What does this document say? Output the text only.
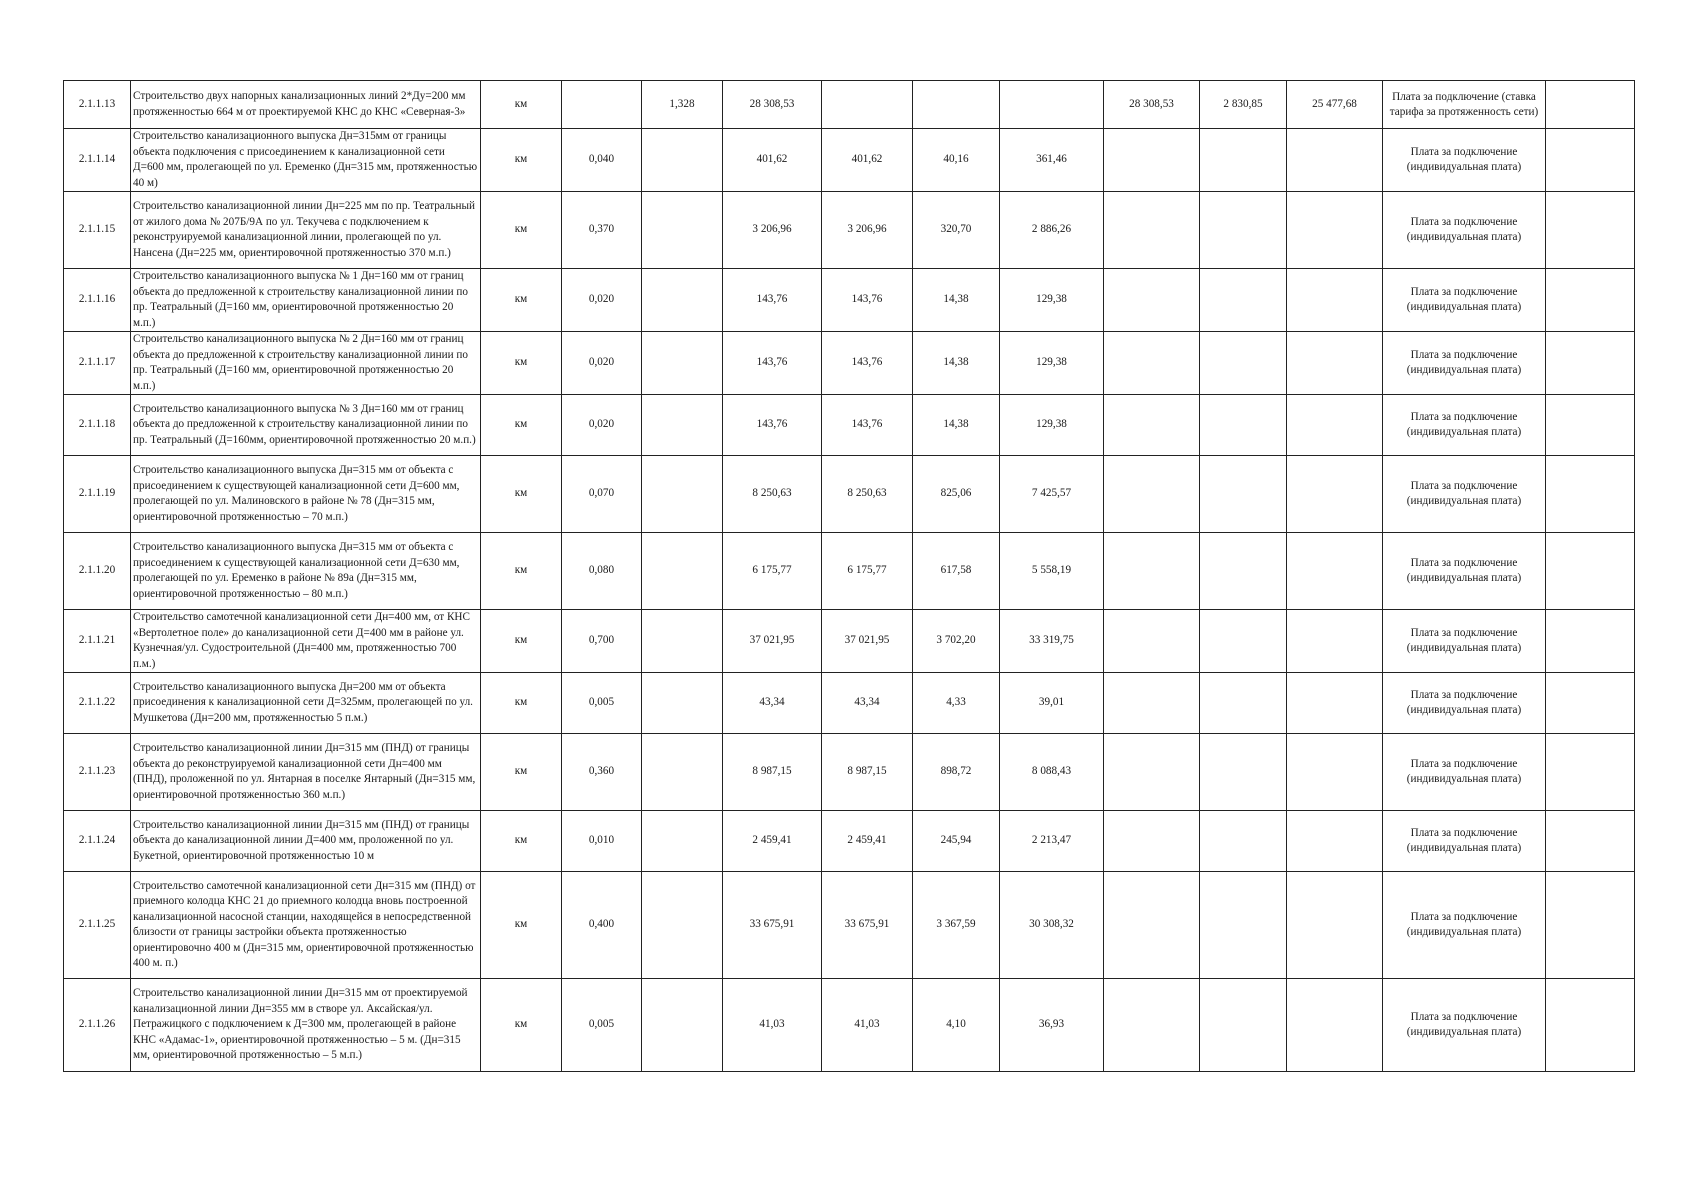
2.1.1.13	Строительство двух напорных канализационных линий 2*Ду=200 мм протяженностью 664 м от проектируемой КНС до КНС «Северная-3»	км		1,328	28 308,53				28 308,53	2 830,85	25 477,68	Плата за подключение (ставка тарифа за протяженность сети)	
2.1.1.14	Строительство канализационного выпуска Дн=315мм от границы объекта подключения с присоединением к канализационной сети Д=600 мм, пролегающей по ул. Еременко (Дн=315 мм, протяженностью 40 м)	км	0,040		401,62	401,62	40,16	361,46				Плата за подключение (индивидуальная плата)	
2.1.1.15	Строительство канализационной линии Дн=225 мм по пр. Театральный от жилого дома № 207Б/9А по ул. Текучева с подключением к реконструируемой канализационной линии, пролегающей по ул. Нансена (Дн=225 мм, ориентировочной протяженностью 370 м.п.)	км	0,370		3 206,96	3 206,96	320,70	2 886,26				Плата за подключение (индивидуальная плата)	
2.1.1.16	Строительство канализационного выпуска № 1 Дн=160 мм от границ объекта до предложенной к строительству канализационной линии по пр. Театральный (Д=160 мм, ориентировочной протяженностью 20 м.п.)	км	0,020		143,76	143,76	14,38	129,38				Плата за подключение (индивидуальная плата)	
2.1.1.17	Строительство канализационного выпуска № 2 Дн=160 мм от границ объекта до предложенной к строительству канализационной линии по пр. Театральный (Д=160 мм, ориентировочной протяженностью 20 м.п.)	км	0,020		143,76	143,76	14,38	129,38				Плата за подключение (индивидуальная плата)	
2.1.1.18	Строительство канализационного выпуска № 3 Дн=160 мм от границ объекта до предложенной к строительству канализационной линии по пр. Театральный (Д=160мм, ориентировочной протяженностью 20 м.п.)	км	0,020		143,76	143,76	14,38	129,38				Плата за подключение (индивидуальная плата)	
2.1.1.19	Строительство канализационного выпуска Дн=315 мм от объекта с присоединением к существующей канализационной сети Д=600 мм, пролегающей по ул. Малиновского в районе № 78 (Дн=315 мм, ориентировочной протяженностью – 70 м.п.)	км	0,070		8 250,63	8 250,63	825,06	7 425,57				Плата за подключение (индивидуальная плата)	
2.1.1.20	Строительство канализационного выпуска Дн=315 мм от объекта с присоединением к существующей канализационной сети Д=630 мм, пролегающей по ул. Еременко в районе № 89а (Дн=315 мм, ориентировочной протяженностью – 80 м.п.)	км	0,080		6 175,77	6 175,77	617,58	5 558,19				Плата за подключение (индивидуальная плата)	
2.1.1.21	Строительство самотечной канализационной сети Дн=400 мм, от КНС «Вертолетное поле» до канализационной сети Д=400 мм в районе ул. Кузнечная/ул. Судостроительной (Дн=400 мм, протяженностью 700 п.м.)	км	0,700		37 021,95	37 021,95	3 702,20	33 319,75				Плата за подключение (индивидуальная плата)	
2.1.1.22	Строительство канализационного выпуска Дн=200 мм от объекта присоединения к канализационной сети Д=325мм, пролегающей по ул. Мушкетова (Дн=200 мм, протяженностью 5 п.м.)	км	0,005		43,34	43,34	4,33	39,01				Плата за подключение (индивидуальная плата)	
2.1.1.23	Строительство канализационной линии Дн=315 мм (ПНД) от границы объекта до реконструируемой канализационной сети Дн=400 мм (ПНД), проложенной по ул. Янтарная в поселке Янтарный (Дн=315 мм, ориентировочной протяженностью 360 м.п.)	км	0,360		8 987,15	8 987,15	898,72	8 088,43				Плата за подключение (индивидуальная плата)	
2.1.1.24	Строительство канализационной линии Дн=315 мм (ПНД) от границы объекта до канализационной линии Д=400 мм, проложенной по ул. Букетной, ориентировочной протяженностью 10 м	км	0,010		2 459,41	2 459,41	245,94	2 213,47				Плата за подключение (индивидуальная плата)	
2.1.1.25	Строительство самотечной канализационной сети Дн=315 мм (ПНД) от приемного колодца КНС 21 до приемного колодца вновь построенной канализационной насосной станции, находящейся в непосредственной близости от границы застройки объекта протяженностью ориентировочно 400 м (Дн=315 мм, ориентировочной протяженностью 400 м. п.)	км	0,400		33 675,91	33 675,91	3 367,59	30 308,32				Плата за подключение (индивидуальная плата)	
2.1.1.26	Строительство канализационной линии Дн=315 мм от проектируемой канализационной линии Дн=355 мм в створе ул. Аксайская/ул. Петражицкого с подключением к Д=300 мм, пролегающей в районе КНС «Адамас-1», ориентировочной протяженностью – 5 м. (Дн=315 мм, ориентировочной протяженностью – 5 м.п.)	км	0,005		41,03	41,03	4,10	36,93				Плата за подключение (индивидуальная плата)	
